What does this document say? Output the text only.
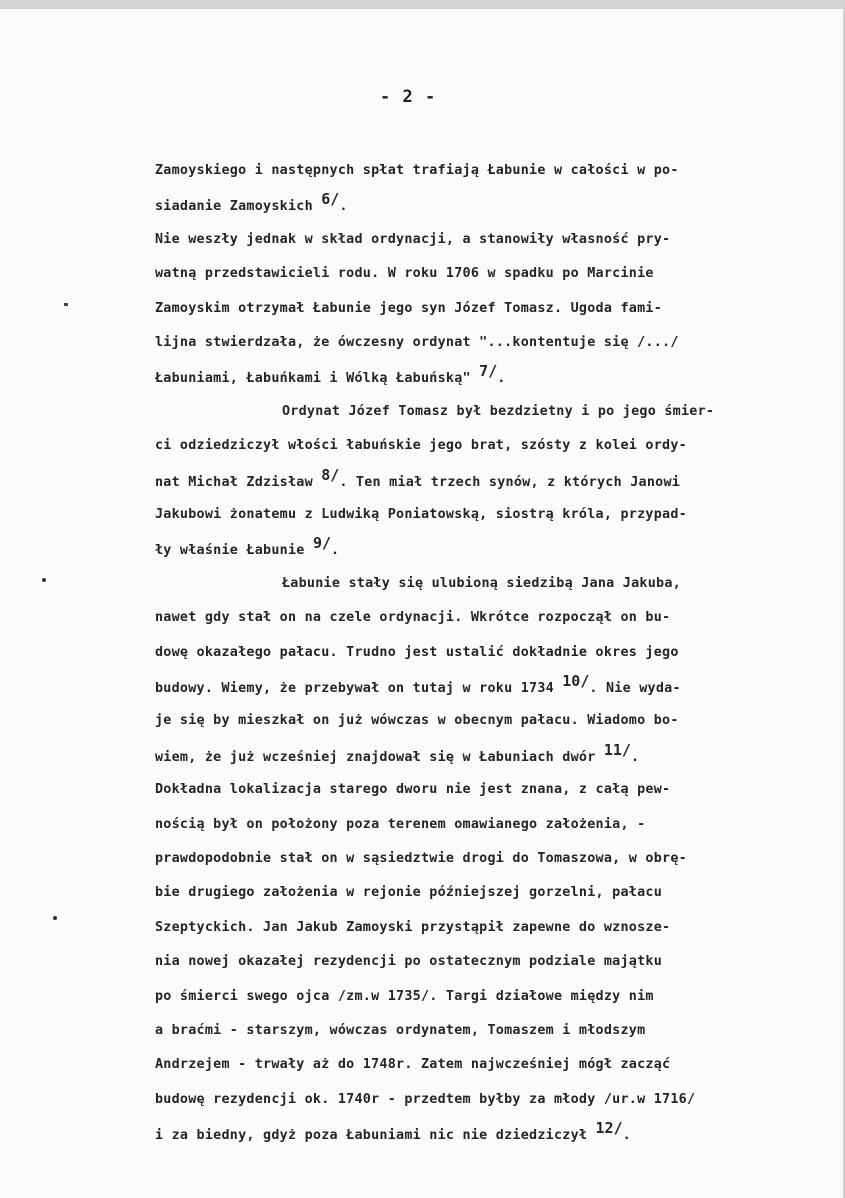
- 2 -
Zamoyskiego i następnych spłat trafiają Łabunie w całości w po-
siadanie Zamoyskich 6/.
Nie weszły jednak w skład ordynacji, a stanowiły własność pry-
watną przedstawicieli rodu. W roku 1706 w spadku po Marcinie
Zamoyskim otrzymał Łabunie jego syn Józef Tomasz. Ugoda fami-
lijna stwierdzała, że ówczesny ordynat "...kontentuje się /.../
Łabuniami, Łabuńkami i Wólką Łabuńską" 7/.
Ordynat Józef Tomasz był bezdzietny i po jego śmier-
ci odziedziczył włości łabuńskie jego brat, szósty z kolei ordy-
nat Michał Zdzisław 8/. Ten miał trzech synów, z których Janowi
Jakubowi żonatemu z Ludwiką Poniatowską, siostrą króla, przypad-
ły właśnie Łabunie 9/.
Łabunie stały się ulubioną siedzibą Jana Jakuba,
nawet gdy stał on na czele ordynacji. Wkrótce rozpoczął on bu-
dowę okazałego pałacu. Trudno jest ustalić dokładnie okres jego
budowy. Wiemy, że przebywał on tutaj w roku 1734 10/. Nie wyda-
je się by mieszkał on już wówczas w obecnym pałacu. Wiadomo bo-
wiem, że już wcześniej znajdował się w Łabuniach dwór 11/.
Dokładna lokalizacja starego dworu nie jest znana, z całą pew-
nością był on położony poza terenem omawianego założenia, -
prawdopodobnie stał on w sąsiedztwie drogi do Tomaszowa, w obrę-
bie drugiego założenia w rejonie późniejszej gorzelni, pałacu
Szeptyckich. Jan Jakub Zamoyski przystąpił zapewne do wznosze-
nia nowej okazałej rezydencji po ostatecznym podziale majątku
po śmierci swego ojca /zm.w 1735/. Targi działowe między nim
a braćmi - starszym, wówczas ordynatem, Tomaszem i młodszym
Andrzejem - trwały aż do 1748r. Zatem najwcześniej mógł zacząć
budowę rezydencji ok. 1740r - przedtem byłby za młody /ur.w 1716/
i za biedny, gdyż poza Łabuniami nic nie dziedziczył 12/.
